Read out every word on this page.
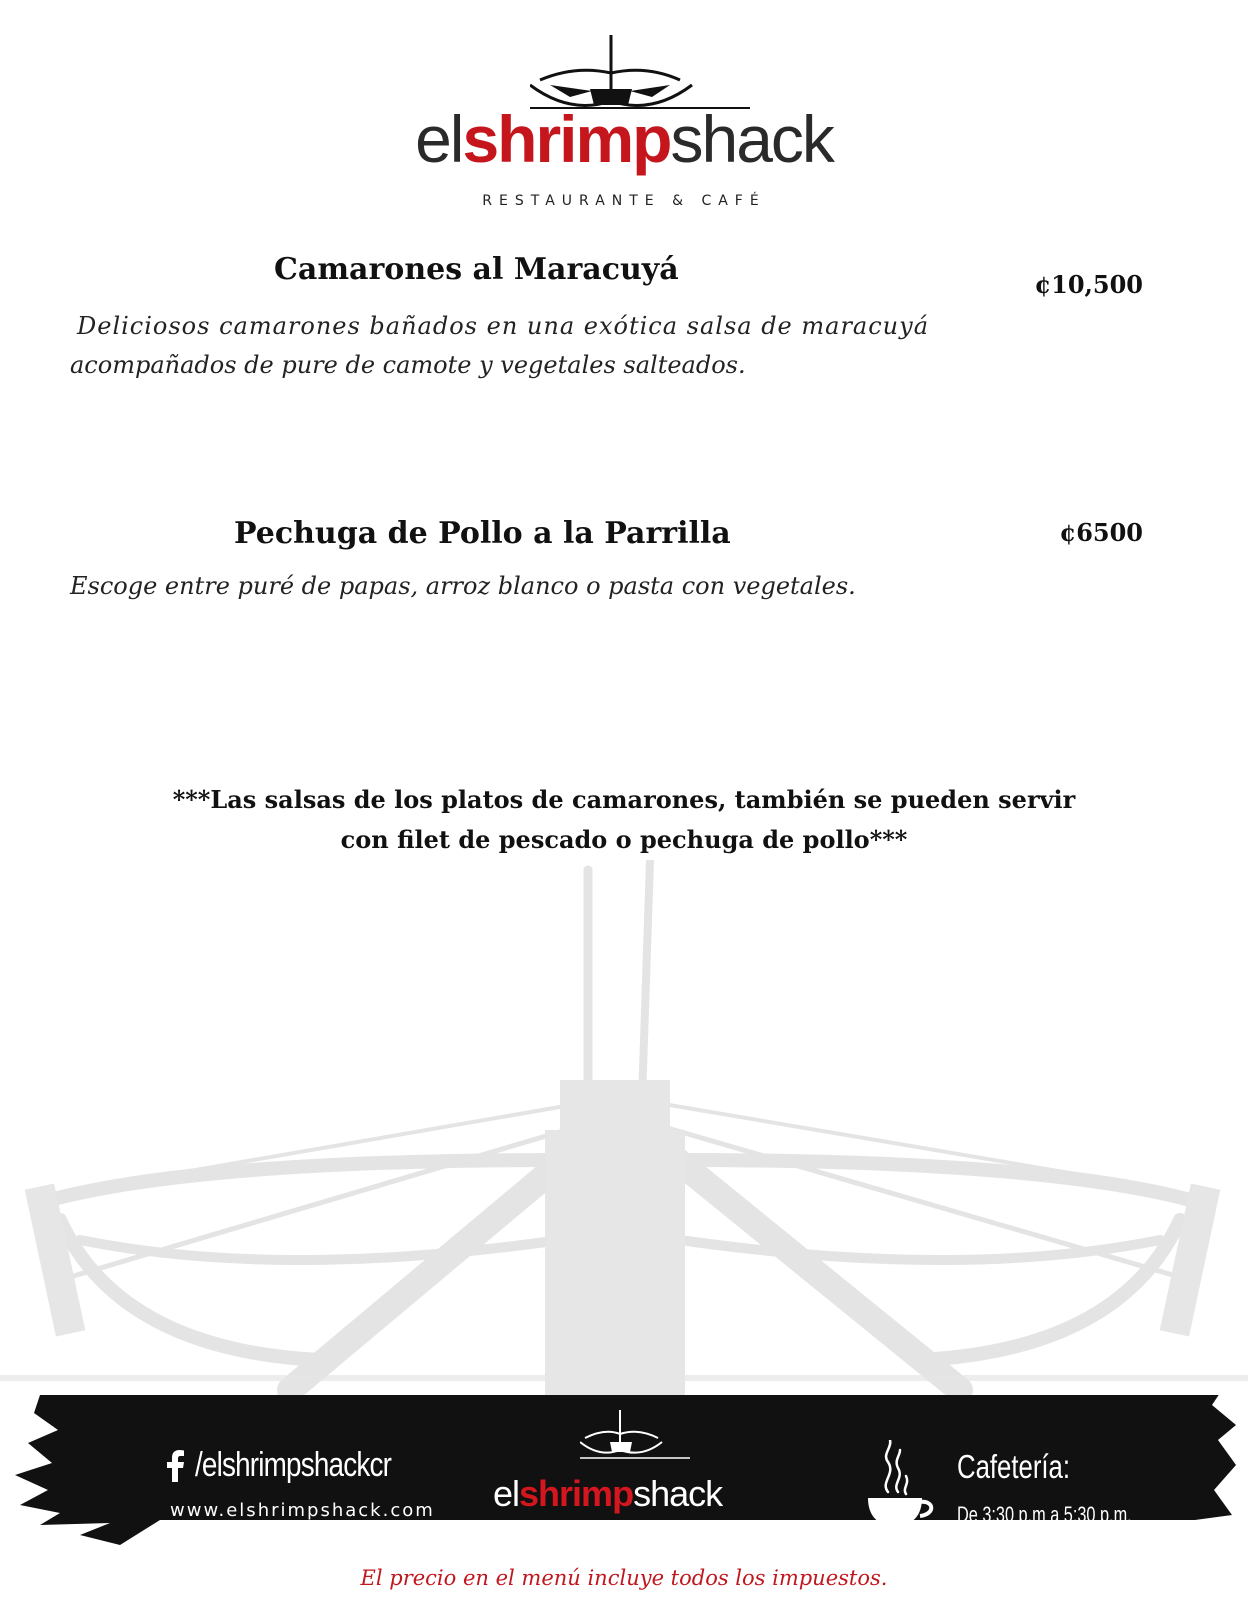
elshrimpshack
RESTAURANTE & CAFÉ
Camarones al Maracuyá	¢10,500
Deliciosos camarones bañados en una exótica salsa de maracuyá
acompañados de pure de camote y vegetales salteados.
Pechuga de Pollo a la Parrilla	¢6500
Escoge entre puré de papas, arroz blanco o pasta con vegetales.
***Las salsas de los platos de camarones, también se pueden servir
con filet de pescado o pechuga de pollo***
/elshrimpshackcr
www.elshrimpshack.com elshrimpshack
Cafetería:
De 3:30 p.m a 5:30 p.m.
El precio en el menú incluye todos los impuestos.
